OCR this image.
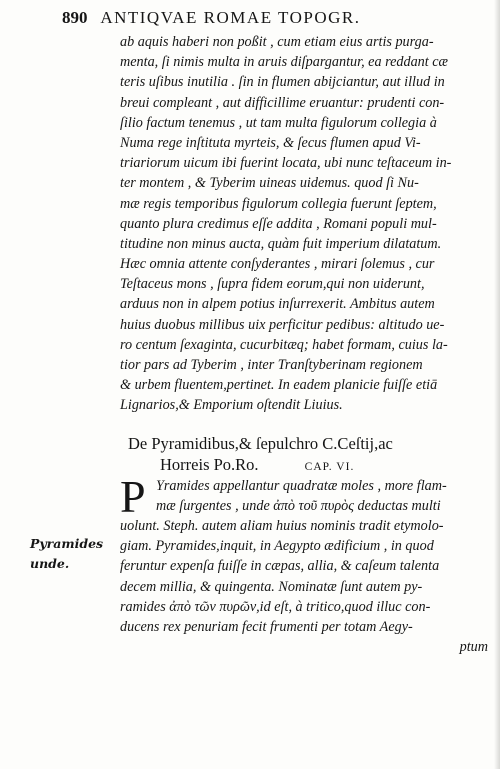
890 ANTIQVAE ROMAE TOPOGR.
ab aquis haberi non poßit , cum etiam eius artis purga-
menta, ſi nimis multa in aruis diſpargantur, ea reddant cæ
teris uſibus inutilia . ſin in flumen abijciantur, aut illud in
breui compleant , aut difficillime eruantur: prudenti con-
ſilio factum tenemus , ut tam multa figulorum collegia à
Numa rege inſtituta myrteis, & ſecus flumen apud Vi-
triariorum uicum ibi fuerint locata, ubi nunc teſtaceum in-
ter montem , & Tyberim uineas uidemus. quod ſi Nu-
mæ regis temporibus figulorum collegia fuerunt ſeptem,
quanto plura credimus eſſe addita , Romani populi mul-
titudine non minus aucta, quàm fuit imperium dilatatum.
Hæc omnia attente conſyderantes , mirari ſolemus , cur
Teſtaceus mons , ſupra fidem eorum,qui non uiderunt,
arduus non in alpem potius inſurrexerit. Ambitus autem
huius duobus millibus uix perficitur pedibus: altitudo ue-
ro centum ſexaginta, cucurbitæq; habet formam, cuius la-
tior pars ad Tyberim , inter Tranſtyberinam regionem
& urbem fluentem,pertinet. In eadem planicie fuiſſe etiā
Lignarios,& Emporium oſtendit Liuius.
De Pyramidibus,& ſepulchro C.Ceſtij,ac
Horreis Po.Ro.	CAP. VI.
P Yramides appellantur quadratæ moles , more flam-
mæ ſurgentes , unde ἀπὸ τοῦ πυρὸς deductas multi
uolunt. Steph. autem aliam huius nominis tradit etymolo-
giam. Pyramides,inquit, in Aegypto ædificium , in quod
feruntur expenſa fuiſſe in cæpas, allia, & caſeum talenta
decem millia, & quingenta. Nominatæ ſunt autem py-
ramides ἀπὸ τῶν πυρῶν,id eſt, à tritico,quod illuc con-
ducens rex penuriam fecit frumenti per totam Aegy-
ptum
Pyramides
unde.
